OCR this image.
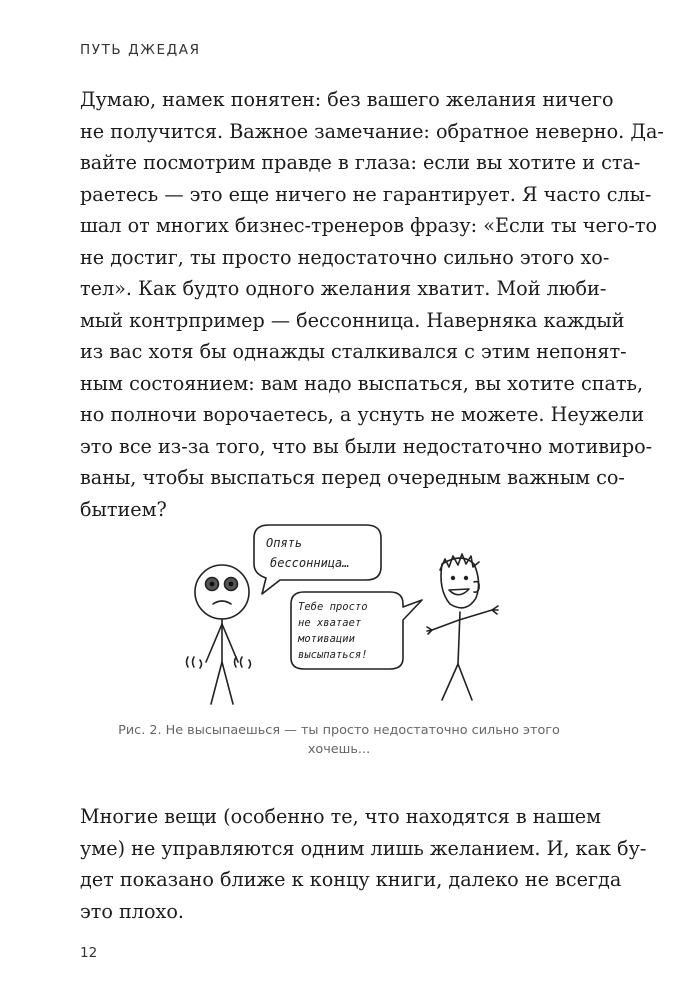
ПУТЬ ДЖЕДАЯ
Думаю, намек понятен: без вашего желания ничего
не получится. Важное замечание: обратное неверно. Да-
вайте посмотрим правде в глаза: если вы хотите и ста-
раетесь — это еще ничего не гарантирует. Я часто слы-
шал от многих бизнес-тренеров фразу: «Если ты чего-то
не достиг, ты просто недостаточно сильно этого хо-
тел». Как будто одного желания хватит. Мой люби-
мый контрпример — бессонница. Наверняка каждый
из вас хотя бы однажды сталкивался с этим непонят-
ным состоянием: вам надо выспаться, вы хотите спать,
но полночи ворочаетесь, а уснуть не можете. Неужели
это все из-за того, что вы были недостаточно мотивиро-
ваны, чтобы выспаться перед очередным важным со-
бытием?
Опять
бессонница…
Тебе просто
не хватает
мотивации
высыпаться!
Рис. 2. Не высыпаешься — ты просто недостаточно сильно этого
хочешь...
Многие вещи (особенно те, что находятся в нашем
уме) не управляются одним лишь желанием. И, как бу-
дет показано ближе к концу книги, далеко не всегда
это плохо.
12
